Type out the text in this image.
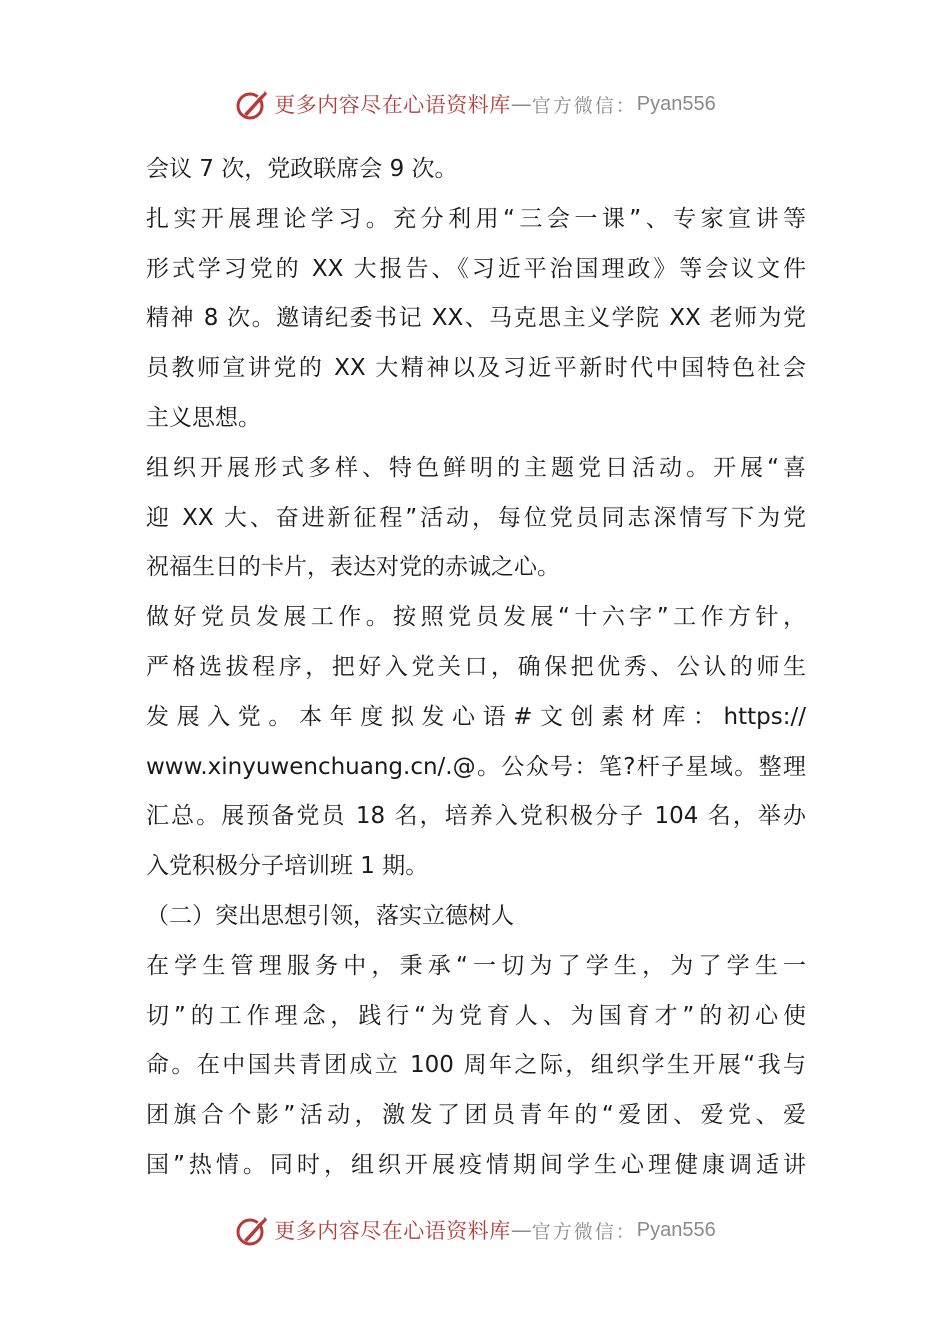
更多内容尽在心语资料库 — 官方微信： Pyan556
会议 7 次，党政联席会 9 次。
扎实开展理论学习。充分利用“三会一课”、专家宣讲等
形式学习党的 XX 大报告、《习近平治国理政》等会议文件
精神 8 次。邀请纪委书记 XX、马克思主义学院 XX 老师为党
员教师宣讲党的 XX 大精神以及习近平新时代中国特色社会
主义思想。
组织开展形式多样、特色鲜明的主题党日活动。开展“喜
迎 XX 大、奋进新征程”活动，每位党员同志深情写下为党
祝福生日的卡片，表达对党的赤诚之心。
做好党员发展工作。按照党员发展“十六字”工作方针，
严格选拔程序，把好入党关口，确保把优秀、公认的师生
发 展 入 党 。 本 年 度 拟 发 心 语 # 文 创 素 材 库 ： https://
www.xinyuwenchuang.cn/.@。公众号：笔?杆子星域。整理
汇总。展预备党员 18 名，培养入党积极分子 104 名，举办
入党积极分子培训班 1 期。
（二）突出思想引领，落实立德树人
在学生管理服务中，秉承“一切为了学生，为了学生一
切”的工作理念，践行“为党育人、为国育才”的初心使
命。在中国共青团成立 100 周年之际，组织学生开展“我与
团旗合个影”活动，激发了团员青年的“爱团、爱党、爱
国”热情。同时，组织开展疫情期间学生心理健康调适讲
更多内容尽在心语资料库 — 官方微信： Pyan556
